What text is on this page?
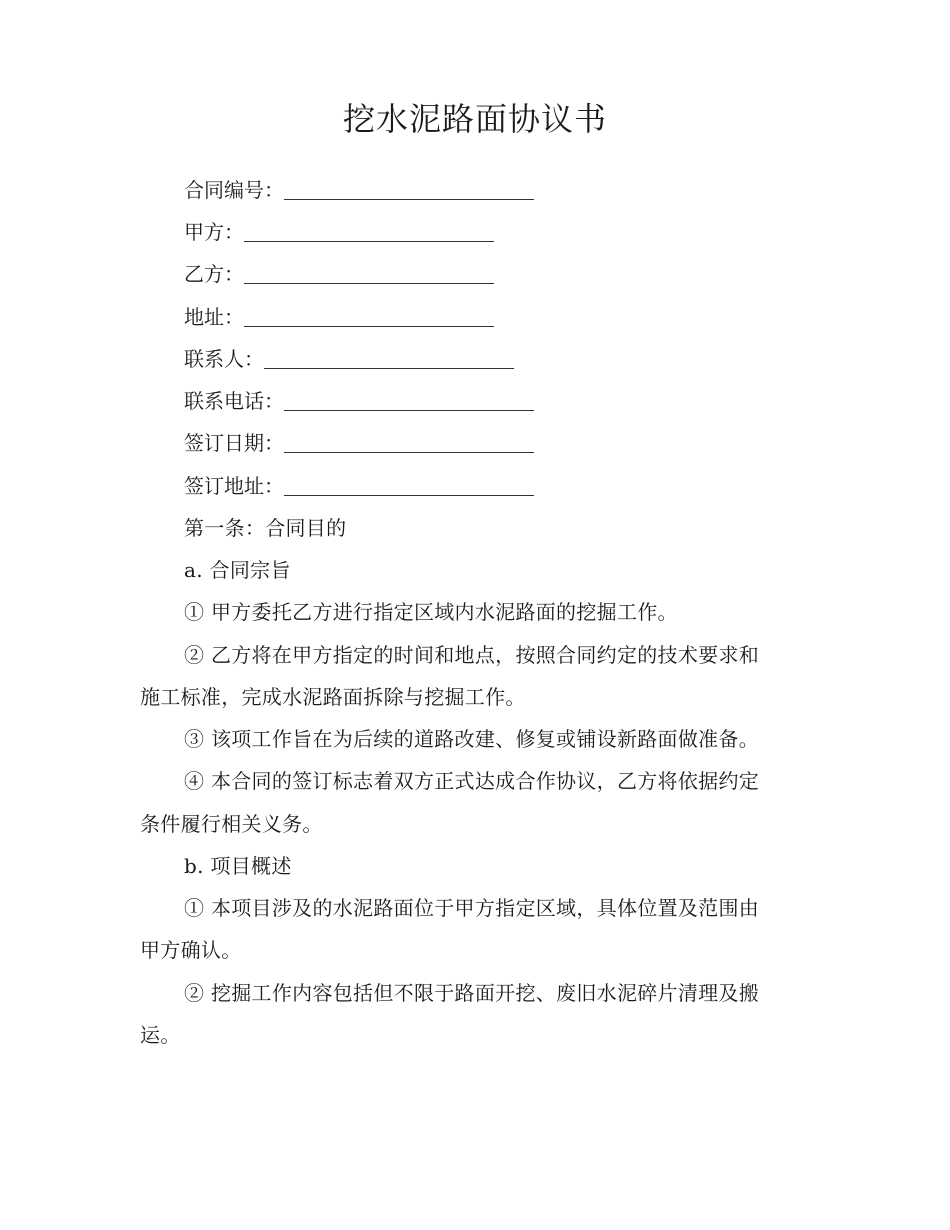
挖水泥路面协议书
合同编号：
甲方：
乙方：
地址：
联系人：
联系电话：
签订日期：
签订地址：
第一条：合同目的
a. 合同宗旨
① 甲方委托乙方进行指定区域内水泥路面的挖掘工作。
② 乙方将在甲方指定的时间和地点，按照合同约定的技术要求和
施工标准，完成水泥路面拆除与挖掘工作。
③ 该项工作旨在为后续的道路改建、修复或铺设新路面做准备。
④ 本合同的签订标志着双方正式达成合作协议，乙方将依据约定
条件履行相关义务。
b. 项目概述
① 本项目涉及的水泥路面位于甲方指定区域，具体位置及范围由
甲方确认。
② 挖掘工作内容包括但不限于路面开挖、废旧水泥碎片清理及搬
运。
